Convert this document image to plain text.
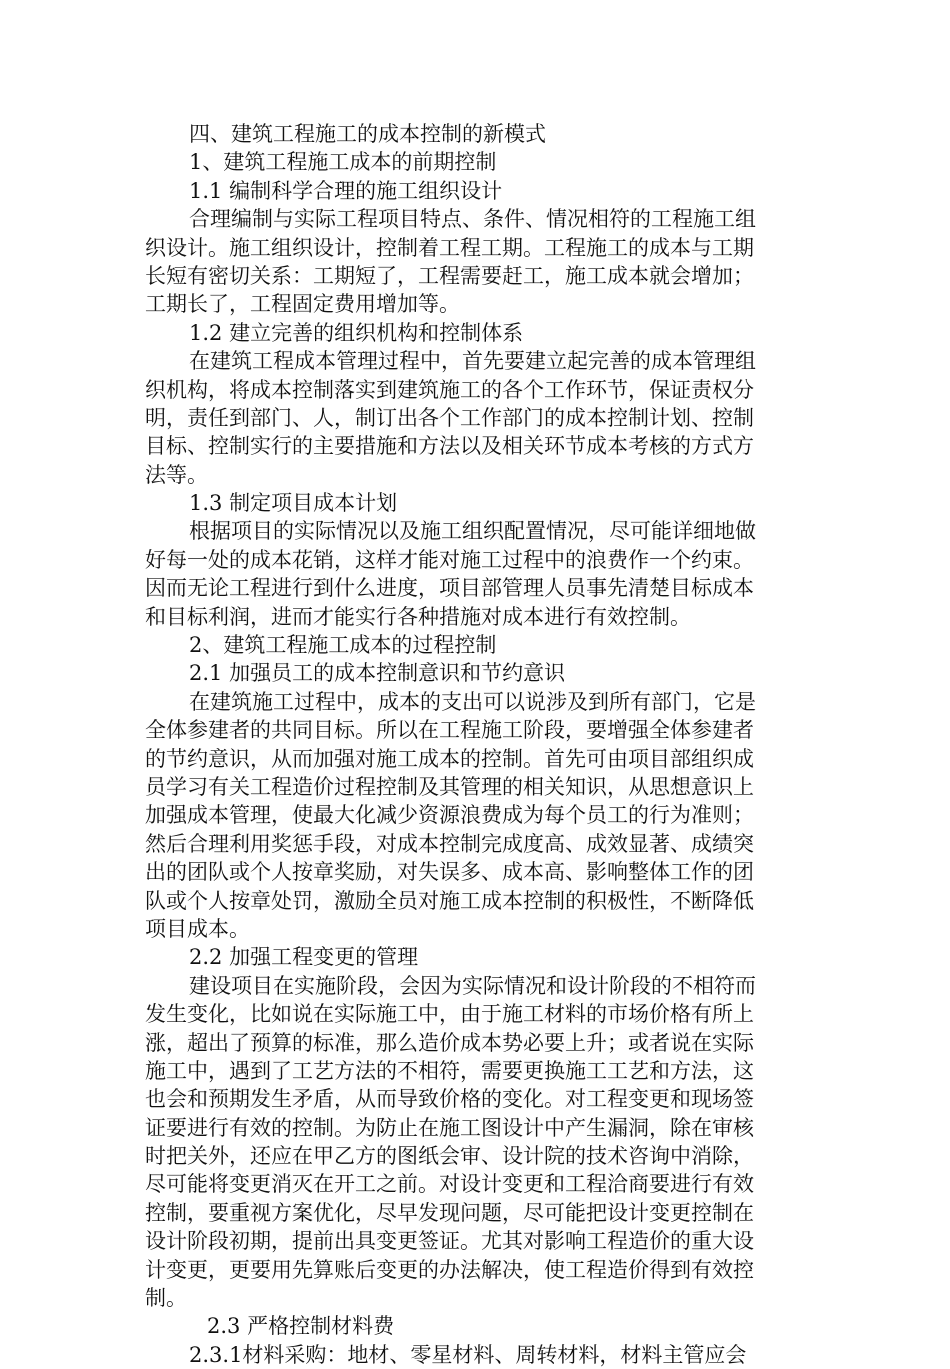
四、建筑工程施工的成本控制的新模式
1、建筑工程施工成本的前期控制
1.1 编制科学合理的施工组织设计
合理编制与实际工程项目特点、条件、情况相符的工程施工组
织设计。施工组织设计，控制着工程工期。工程施工的成本与工期
长短有密切关系：工期短了，工程需要赶工，施工成本就会增加；
工期长了，工程固定费用增加等。
1.2 建立完善的组织机构和控制体系
在建筑工程成本管理过程中，首先要建立起完善的成本管理组
织机构，将成本控制落实到建筑施工的各个工作环节，保证责权分
明，责任到部门、人，制订出各个工作部门的成本控制计划、控制
目标、控制实行的主要措施和方法以及相关环节成本考核的方式方
法等。
1.3 制定项目成本计划
根据项目的实际情况以及施工组织配置情况，尽可能详细地做
好每一处的成本花销，这样才能对施工过程中的浪费作一个约束。
因而无论工程进行到什么进度，项目部管理人员事先清楚目标成本
和目标利润，进而才能实行各种措施对成本进行有效控制。
2、建筑工程施工成本的过程控制
2.1 加强员工的成本控制意识和节约意识
在建筑施工过程中，成本的支出可以说涉及到所有部门，它是
全体参建者的共同目标。所以在工程施工阶段，要增强全体参建者
的节约意识，从而加强对施工成本的控制。首先可由项目部组织成
员学习有关工程造价过程控制及其管理的相关知识，从思想意识上
加强成本管理，使最大化减少资源浪费成为每个员工的行为准则；
然后合理利用奖惩手段，对成本控制完成度高、成效显著、成绩突
出的团队或个人按章奖励，对失误多、成本高、影响整体工作的团
队或个人按章处罚，激励全员对施工成本控制的积极性，不断降低
项目成本。
2.2 加强工程变更的管理
建设项目在实施阶段，会因为实际情况和设计阶段的不相符而
发生变化，比如说在实际施工中，由于施工材料的市场价格有所上
涨，超出了预算的标准，那么造价成本势必要上升；或者说在实际
施工中，遇到了工艺方法的不相符，需要更换施工工艺和方法，这
也会和预期发生矛盾，从而导致价格的变化。对工程变更和现场签
证要进行有效的控制。为防止在施工图设计中产生漏洞，除在审核
时把关外，还应在甲乙方的图纸会审、设计院的技术咨询中消除，
尽可能将变更消灭在开工之前。对设计变更和工程洽商要进行有效
控制，要重视方案优化，尽早发现问题，尽可能把设计变更控制在
设计阶段初期，提前出具变更签证。尤其对影响工程造价的重大设
计变更，更要用先算账后变更的办法解决，使工程造价得到有效控
制。
2.3 严格控制材料费
2.3.1材料采购：地材、零星材料、周转材料，材料主管应会
